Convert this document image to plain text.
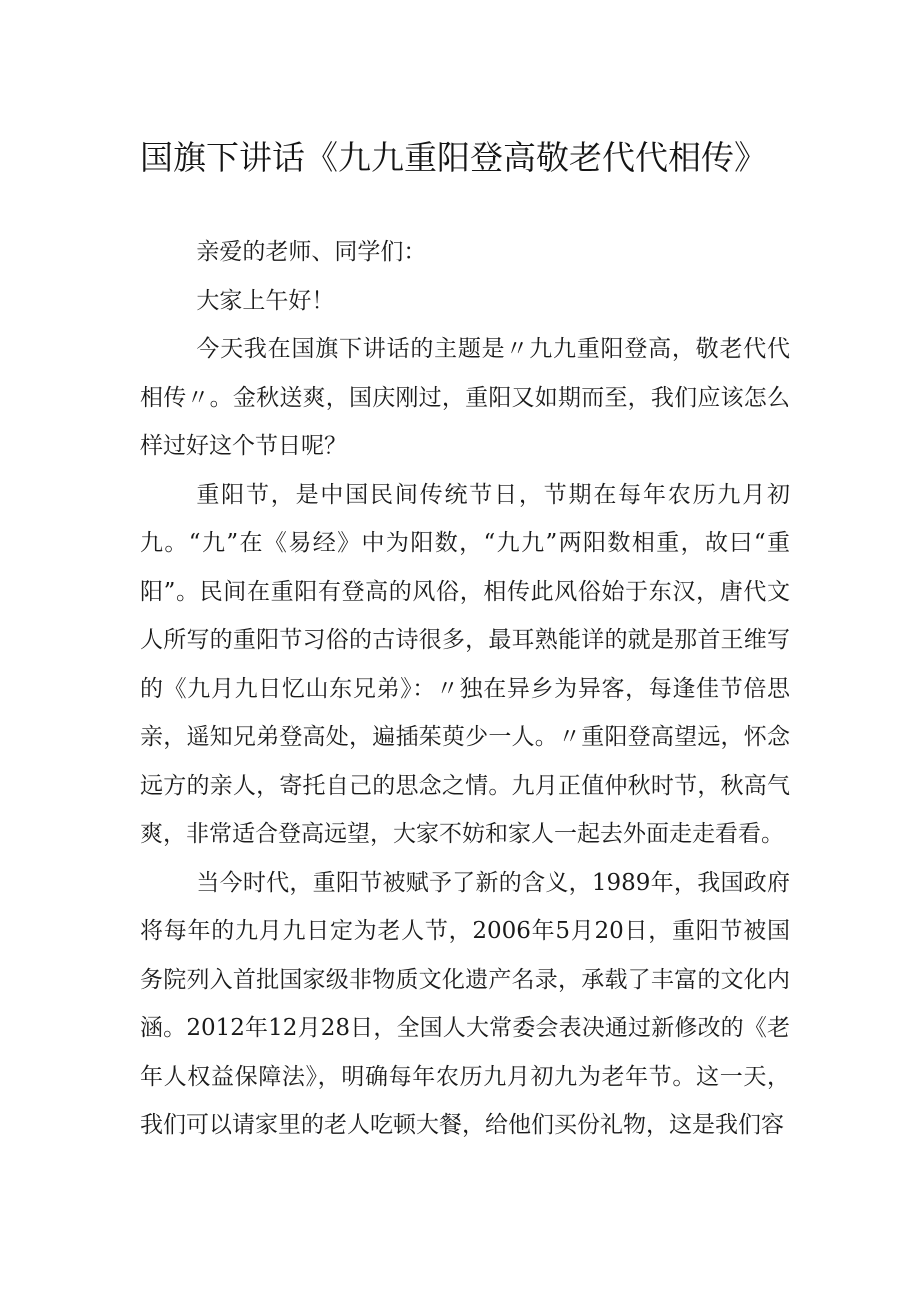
国旗下讲话《九九重阳登高敬老代代相传》

亲爱的老师、同学们：

大家上午好！

今天我在国旗下讲话的主题是〃九九重阳登高，敬老代代相传〃。金秋送爽，国庆刚过，重阳又如期而至，我们应该怎么样过好这个节日呢？

重阳节，是中国民间传统节日，节期在每年农历九月初九。“九”在《易经》中为阳数，“九九”两阳数相重，故曰“重阳”。民间在重阳有登高的风俗，相传此风俗始于东汉，唐代文人所写的重阳节习俗的古诗很多，最耳熟能详的就是那首王维写的《九月九日忆山东兄弟》：〃独在异乡为异客，每逢佳节倍思亲，遥知兄弟登高处，遍插茱萸少一人。〃重阳登高望远，怀念远方的亲人，寄托自己的思念之情。九月正值仲秋时节，秋高气爽，非常适合登高远望，大家不妨和家人一起去外面走走看看。

当今时代，重阳节被赋予了新的含义，1989年，我国政府将每年的九月九日定为老人节，2006年5月20日，重阳节被国务院列入首批国家级非物质文化遗产名录，承载了丰富的文化内涵。2012年12月28日，全国人大常委会表决通过新修改的《老年人权益保障法》，明确每年农历九月初九为老年节。这一天，我们可以请家里的老人吃顿大餐，给他们买份礼物，这是我们容
